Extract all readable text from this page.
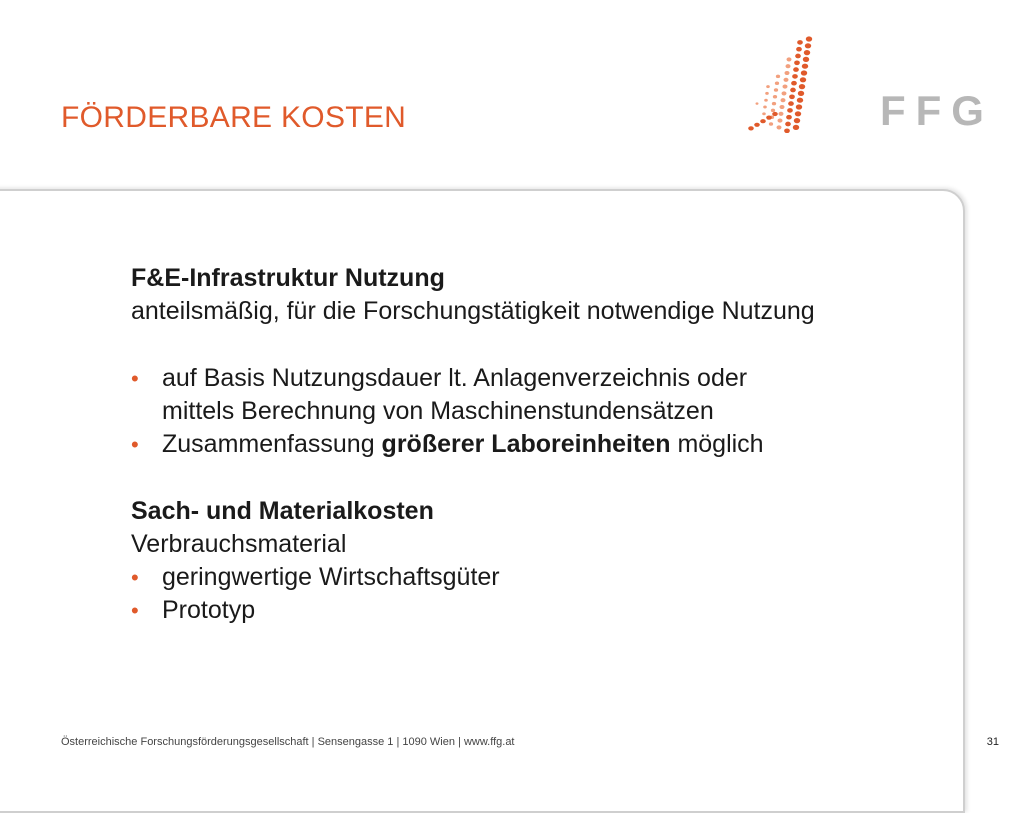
FÖRDERBARE KOSTEN	FFG

F&E-Infrastruktur Nutzung

anteilsmäßig, für die Forschungstätigkeit notwendige Nutzung

• auf Basis Nutzungsdauer lt. Anlagenverzeichnis oder
mittels Berechnung von Maschinenstundensätzen
• Zusammenfassung größerer Laboreinheiten möglich

Sach- und Materialkosten

Verbrauchsmaterial

• geringwertige Wirtschaftsgüter
• Prototyp
Österreichische Forschungsförderungsgesellschaft | Sensengasse 1 | 1090 Wien | www.ffg.at	31
